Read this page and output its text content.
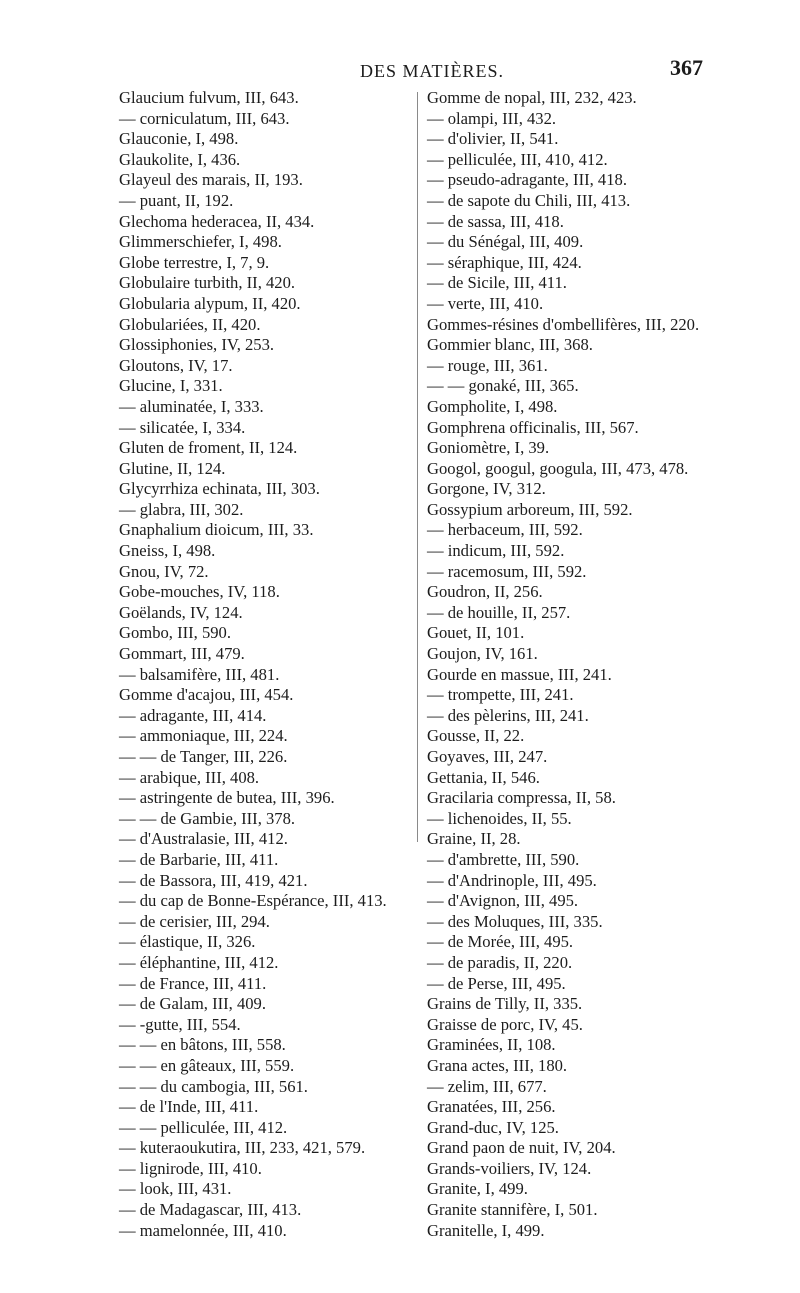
DES MATIÈRES.	367
Glaucium fulvum, III, 643.
— corniculatum, III, 643.
Glauconie, I, 498.
Glaukolite, I, 436.
Glayeul des marais, II, 193.
— puant, II, 192.
Glechoma hederacea, II, 434.
Glimmerschiefer, I, 498.
Globe terrestre, I, 7, 9.
Globulaire turbith, II, 420.
Globularia alypum, II, 420.
Globulariées, II, 420.
Glossiphonies, IV, 253.
Gloutons, IV, 17.
Glucine, I, 331.
— aluminatée, I, 333.
— silicatée, I, 334.
Gluten de froment, II, 124.
Glutine, II, 124.
Glycyrrhiza echinata, III, 303.
— glabra, III, 302.
Gnaphalium dioicum, III, 33.
Gneiss, I, 498.
Gnou, IV, 72.
Gobe-mouches, IV, 118.
Goëlands, IV, 124.
Gombo, III, 590.
Gommart, III, 479.
— balsamifère, III, 481.
Gomme d'acajou, III, 454.
— adragante, III, 414.
— ammoniaque, III, 224.
— — de Tanger, III, 226.
— arabique, III, 408.
— astringente de butea, III, 396.
— — de Gambie, III, 378.
— d'Australasie, III, 412.
— de Barbarie, III, 411.
— de Bassora, III, 419, 421.
— du cap de Bonne-Espérance, III, 413.
— de cerisier, III, 294.
— élastique, II, 326.
— éléphantine, III, 412.
— de France, III, 411.
— de Galam, III, 409.
— -gutte, III, 554.
— — en bâtons, III, 558.
— — en gâteaux, III, 559.
— — du cambogia, III, 561.
— de l'Inde, III, 411.
— — pelliculée, III, 412.
— kuteraoukutira, III, 233, 421, 579.
— lignirode, III, 410.
— look, III, 431.
— de Madagascar, III, 413.
— mamelonnée, III, 410.
Gomme de nopal, III, 232, 423.
— olampi, III, 432.
— d'olivier, II, 541.
— pelliculée, III, 410, 412.
— pseudo-adragante, III, 418.
— de sapote du Chili, III, 413.
— de sassa, III, 418.
— du Sénégal, III, 409.
— séraphique, III, 424.
— de Sicile, III, 411.
— verte, III, 410.
Gommes-résines d'ombellifères, III, 220.
Gommier blanc, III, 368.
— rouge, III, 361.
— — gonaké, III, 365.
Gompholite, I, 498.
Gomphrena officinalis, III, 567.
Goniomètre, I, 39.
Googol, googul, googula, III, 473, 478.
Gorgone, IV, 312.
Gossypium arboreum, III, 592.
— herbaceum, III, 592.
— indicum, III, 592.
— racemosum, III, 592.
Goudron, II, 256.
— de houille, II, 257.
Gouet, II, 101.
Goujon, IV, 161.
Gourde en massue, III, 241.
— trompette, III, 241.
— des pèlerins, III, 241.
Gousse, II, 22.
Goyaves, III, 247.
Gettania, II, 546.
Gracilaria compressa, II, 58.
— lichenoides, II, 55.
Graine, II, 28.
— d'ambrette, III, 590.
— d'Andrinople, III, 495.
— d'Avignon, III, 495.
— des Moluques, III, 335.
— de Morée, III, 495.
— de paradis, II, 220.
— de Perse, III, 495.
Grains de Tilly, II, 335.
Graisse de porc, IV, 45.
Graminées, II, 108.
Grana actes, III, 180.
— zelim, III, 677.
Granatées, III, 256.
Grand-duc, IV, 125.
Grand paon de nuit, IV, 204.
Grands-voiliers, IV, 124.
Granite, I, 499.
Granite stannifère, I, 501.
Granitelle, I, 499.
